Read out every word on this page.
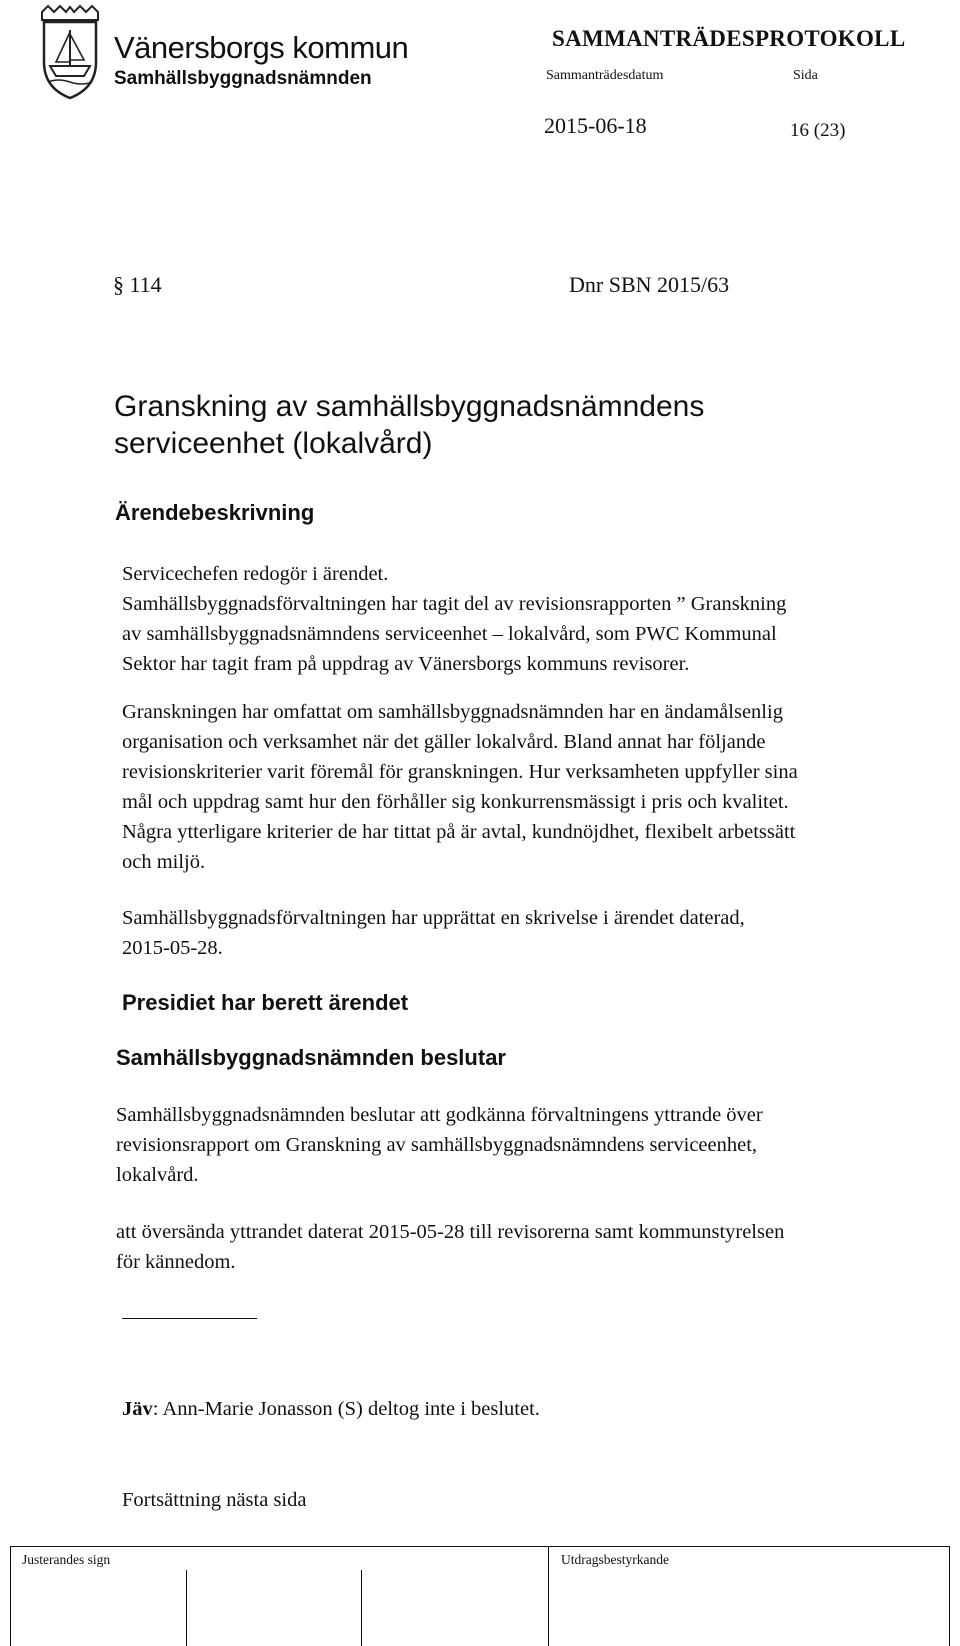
Vänersborgs kommun
Samhällsbyggnadsnämnden
SAMMANTRÄDESPROTOKOLL
Sammanträdesdatum	Sida
2015-06-18	16 (23)
§ 114	Dnr SBN 2015/63
Granskning av samhällsbyggnadsnämndens
serviceenhet (lokalvård)
Ärendebeskrivning
Servicechefen redogör i ärendet.
Samhällsbyggnadsförvaltningen har tagit del av revisionsrapporten ” Granskning
av samhällsbyggnadsnämndens serviceenhet – lokalvård, som PWC Kommunal
Sektor har tagit fram på uppdrag av Vänersborgs kommuns revisorer.
Granskningen har omfattat om samhällsbyggnadsnämnden har en ändamålsenlig
organisation och verksamhet när det gäller lokalvård. Bland annat har följande
revisionskriterier varit föremål för granskningen. Hur verksamheten uppfyller sina
mål och uppdrag samt hur den förhåller sig konkurrensmässigt i pris och kvalitet.
Några ytterligare kriterier de har tittat på är avtal, kundnöjdhet, flexibelt arbetssätt
och miljö.
Samhällsbyggnadsförvaltningen har upprättat en skrivelse i ärendet daterad,
2015-05-28.
Presidiet har berett ärendet
Samhällsbyggnadsnämnden beslutar
Samhällsbyggnadsnämnden beslutar att godkänna förvaltningens yttrande över
revisionsrapport om Granskning av samhällsbyggnadsnämndens serviceenhet,
lokalvård.
att översända yttrandet daterat 2015-05-28 till revisorerna samt kommunstyrelsen
för kännedom.
Jäv: Ann-Marie Jonasson (S) deltog inte i beslutet.
Fortsättning nästa sida
Justerandes sign	Utdragsbestyrkande
